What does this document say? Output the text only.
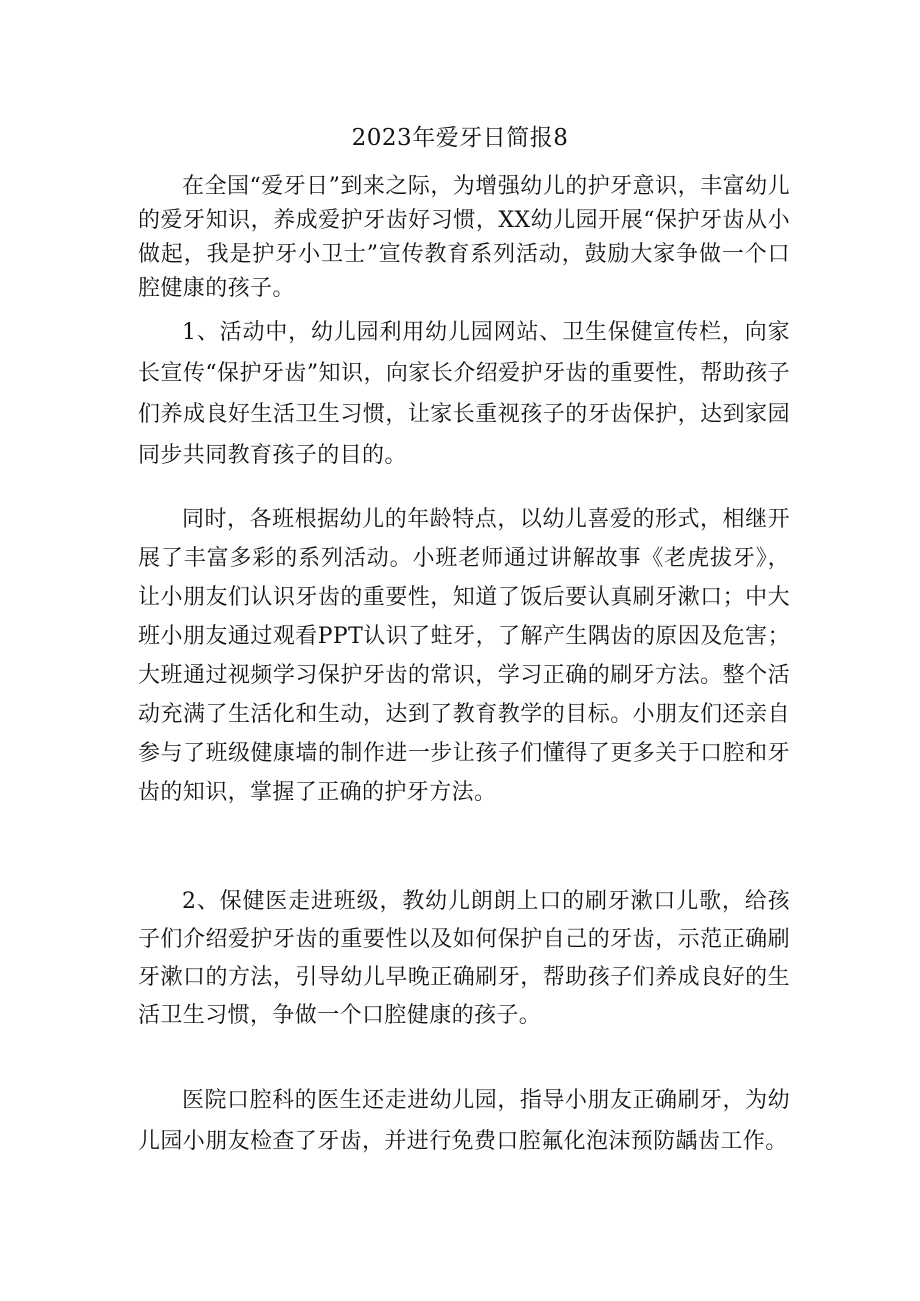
2023年爱牙日简报8

在全国“爱牙日”到来之际，为增强幼儿的护牙意识，丰富幼儿的爱牙知识，养成爱护牙齿好习惯，XX幼儿园开展“保护牙齿从小做起，我是护牙小卫士”宣传教育系列活动，鼓励大家争做一个口腔健康的孩子。

1、活动中，幼儿园利用幼儿园网站、卫生保健宣传栏，向家长宣传“保护牙齿”知识，向家长介绍爱护牙齿的重要性，帮助孩子们养成良好生活卫生习惯，让家长重视孩子的牙齿保护，达到家园同步共同教育孩子的目的。

同时，各班根据幼儿的年龄特点，以幼儿喜爱的形式，相继开展了丰富多彩的系列活动。小班老师通过讲解故事《老虎拔牙》，让小朋友们认识牙齿的重要性，知道了饭后要认真刷牙漱口；中大班小朋友通过观看PPT认识了蛀牙，了解产生隅齿的原因及危害；大班通过视频学习保护牙齿的常识，学习正确的刷牙方法。整个活动充满了生活化和生动，达到了教育教学的目标。小朋友们还亲自参与了班级健康墙的制作进一步让孩子们懂得了更多关于口腔和牙齿的知识，掌握了正确的护牙方法。

2、保健医走进班级，教幼儿朗朗上口的刷牙漱口儿歌，给孩子们介绍爱护牙齿的重要性以及如何保护自己的牙齿，示范正确刷牙漱口的方法，引导幼儿早晚正确刷牙，帮助孩子们养成良好的生活卫生习惯，争做一个口腔健康的孩子。

医院口腔科的医生还走进幼儿园，指导小朋友正确刷牙，为幼儿园小朋友检查了牙齿，并进行免费口腔氟化泡沫预防龋齿工作。
